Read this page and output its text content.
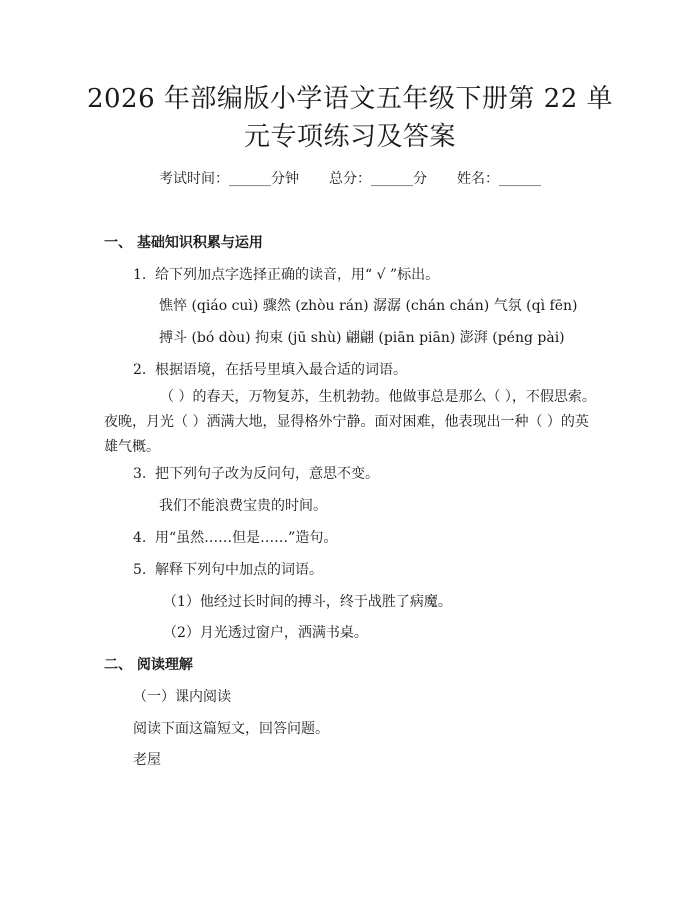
2026 年部编版小学语文五年级下册第 22 单
元专项练习及答案
考试时间：______分钟 总分：______分 姓名：______
一、 基础知识积累与运用
1. 给下列加点字选择正确的读音，用“ √ ”标出。
憔悴 (qiáo cuì) 骤然 (zhòu rán) 潺潺 (chán chán) 气氛 (qì fēn)
搏斗 (bó dòu) 拘束 (jū shù) 翩翩 (piān piān) 澎湃 (péng pài)
2. 根据语境，在括号里填入最合适的词语。
（ ）的春天，万物复苏，生机勃勃。他做事总是那么（ ），不假思索。夜晚，月光（ ）洒满大地，显得格外宁静。面对困难，他表现出一种（ ）的英雄气概。
3. 把下列句子改为反问句，意思不变。
我们不能浪费宝贵的时间。
4. 用“虽然……但是……”造句。
5. 解释下列句中加点的词语。
（1）他经过长时间的搏斗，终于战胜了病魔。
（2）月光透过窗户，洒满书桌。
二、 阅读理解
（一）课内阅读
阅读下面这篇短文，回答问题。
老屋
